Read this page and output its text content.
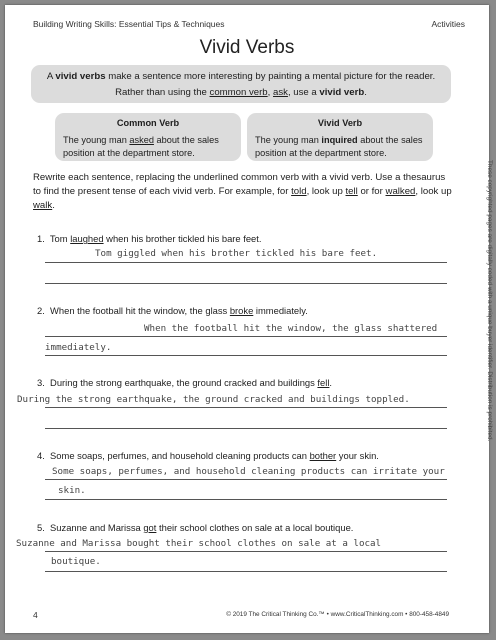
Building Writing Skills: Essential Tips & Techniques	Activities
Vivid Verbs
A vivid verbs make a sentence more interesting by painting a mental picture for the reader.
Rather than using the common verb, ask, use a vivid verb.
Common Verb
The young man asked about the sales position at the department store.
Vivid Verb
The young man inquired about the sales position at the department store.
Rewrite each sentence, replacing the underlined common verb with a vivid verb. Use a thesaurus to find the present tense of each vivid verb. For example, for told, look up tell or for walked, look up walk.
1. Tom laughed when his brother tickled his bare feet.
Tom giggled when his brother tickled his bare feet.
2. When the football hit the window, the glass broke immediately.
When the football hit the window, the glass shattered
immediately.
3. During the strong earthquake, the ground cracked and buildings fell.
During the strong earthquake, the ground cracked and buildings toppled.
4. Some soaps, perfumes, and household cleaning products can bother your skin.
Some soaps, perfumes, and household cleaning products can irritate your
skin.
5. Suzanne and Marissa got their school clothes on sale at a local boutique.
Suzanne and Marissa bought their school clothes on sale at a local
boutique.
These copyrighted pages are digitally coded with a unique buyer identifier. Distribution is prohibited.
4	© 2019 The Critical Thinking Co.™ • www.CriticalThinking.com • 800-458-4849
